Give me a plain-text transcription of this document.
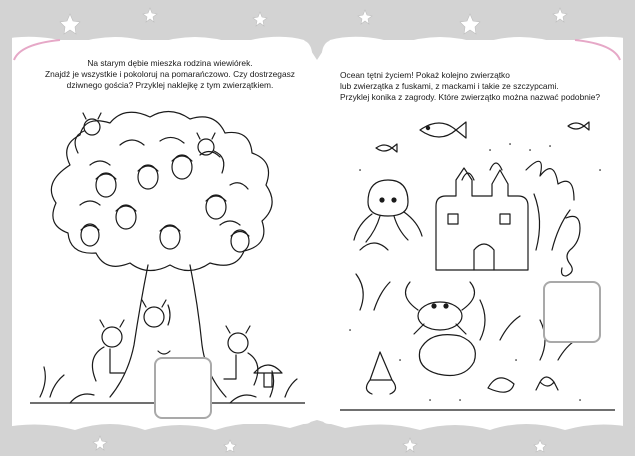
Na starym dębie mieszka rodzina wiewiórek.
Znajdź je wszystkie i pokoloruj na pomarańczowo. Czy dostrzegasz
dziwnego gościa? Przyklej naklejkę z tym zwierzątkiem.
Ocean tętni życiem! Pokaż kolejno zwierzątko
lub zwierzątka z fuskami, z mackami i takie ze szczypcami.
Przyklej konika z zagrody. Które zwierzątko można nazwać podobnie?
